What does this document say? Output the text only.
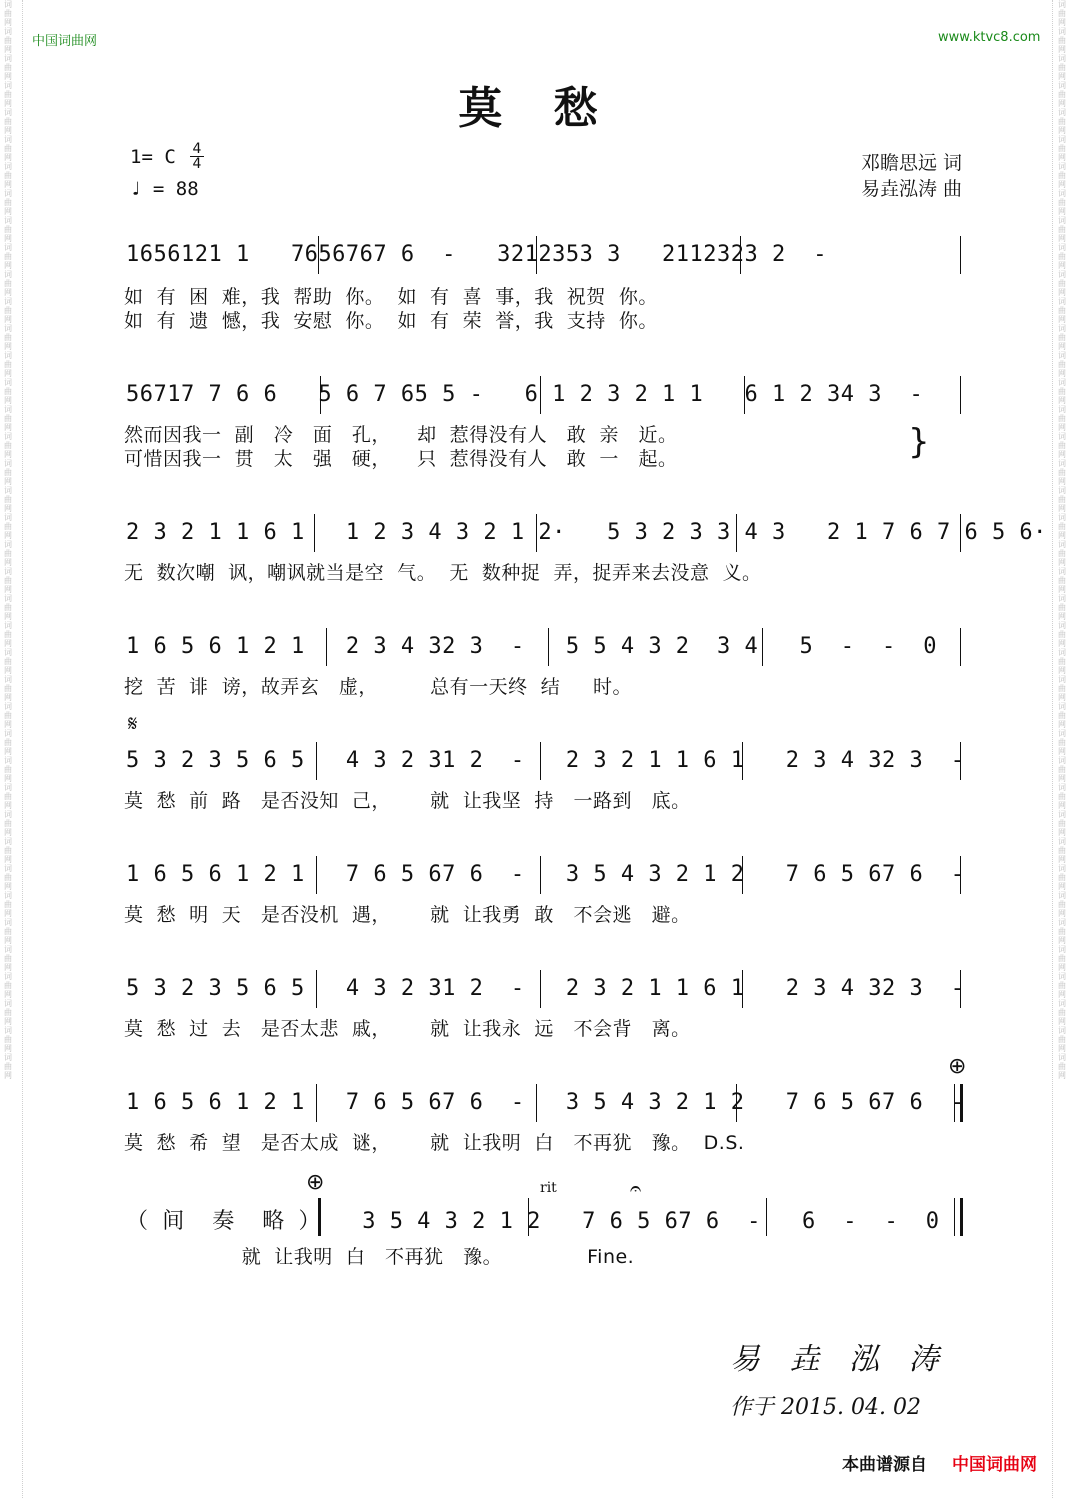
词曲网词曲网词曲网词曲网词曲网词曲网词曲网词曲网词曲网词曲网词曲网词曲网词曲网词曲网词曲网词曲网词曲网词曲网词曲网词曲网词曲网词曲网词曲网词曲网词曲网词曲网词曲网词曲网词曲网词曲网词曲网词曲网词曲网词曲网词曲网词曲网词曲网词曲网词曲网词曲网
词曲网词曲网词曲网词曲网词曲网词曲网词曲网词曲网词曲网词曲网词曲网词曲网词曲网词曲网词曲网词曲网词曲网词曲网词曲网词曲网词曲网词曲网词曲网词曲网词曲网词曲网词曲网词曲网词曲网词曲网词曲网词曲网词曲网词曲网词曲网词曲网词曲网词曲网词曲网词曲网
中国词曲网	www.ktvc8.com
莫 愁
1= C 4
4
♩ = 88
邓瞻思远 词
易垚泓涛 曲
1656121 1   7656767 6  -   3212353 3   2112323 2  -
如  有  困  难，我  帮助  你。  如  有  喜  事，我  祝贺  你。
如  有  遗  憾，我  安慰  你。  如  有  荣  誉，我  支持  你。
56717 7 6 6   5 6 7 65 5 -   6 1 2 3 2 1 1   6 1 2 34 3  -
然而因我一  副   冷   面   孔，    却  惹得没有人   敢  亲   近。
可惜因我一  贯   太   强   硬，    只  惹得没有人   敢  一   起。	}
2 3 2 1 1 6 1   1 2 3 4 3 2 1 2·   5 3 2 3 3 4 3   2 1 7 6 7 6 5 6·
无  数次嘲  讽，嘲讽就当是空  气。  无  数种捉  弄，捉弄来去没意  义。
1 6 5 6 1 2 1   2 3 4 32 3  -   5 5 4 3 2  3 4   5  -  -  0
挖  苦  诽  谤，故弄玄   虚，        总有一天终  结     时。
𝄋
5 3 2 3 5 6 5   4 3 2 31 2  -   2 3 2 1 1 6 1   2 3 4 32 3  -
莫  愁  前  路   是否没知  己，      就  让我坚  持   一路到   底。
1 6 5 6 1 2 1   7 6 5 67 6  -   3 5 4 3 2 1 2   7 6 5 67 6  -
莫  愁  明  天   是否没机  遇，      就  让我勇  敢   不会逃   避。
5 3 2 3 5 6 5   4 3 2 31 2  -   2 3 2 1 1 6 1   2 3 4 32 3  -
莫  愁  过  去   是否太悲  戚，      就  让我永  远   不会背   离。
⊕
1 6 5 6 1 2 1   7 6 5 67 6  -   3 5 4 3 2 1 2   7 6 5 67 6  -
莫  愁  希  望   是否太成  谜，      就  让我明  白   不再犹   豫。  D.S.
⊕	rit	𝄐
（ 间  奏  略 ）   3 5 4 3 2 1 2   7 6 5 67 6  -   6  -  -  0
就  让我明  白   不再犹   豫。             Fine.
易 垚 泓 涛
作于 2015. 04. 02
本曲谱源自 中国词曲网
